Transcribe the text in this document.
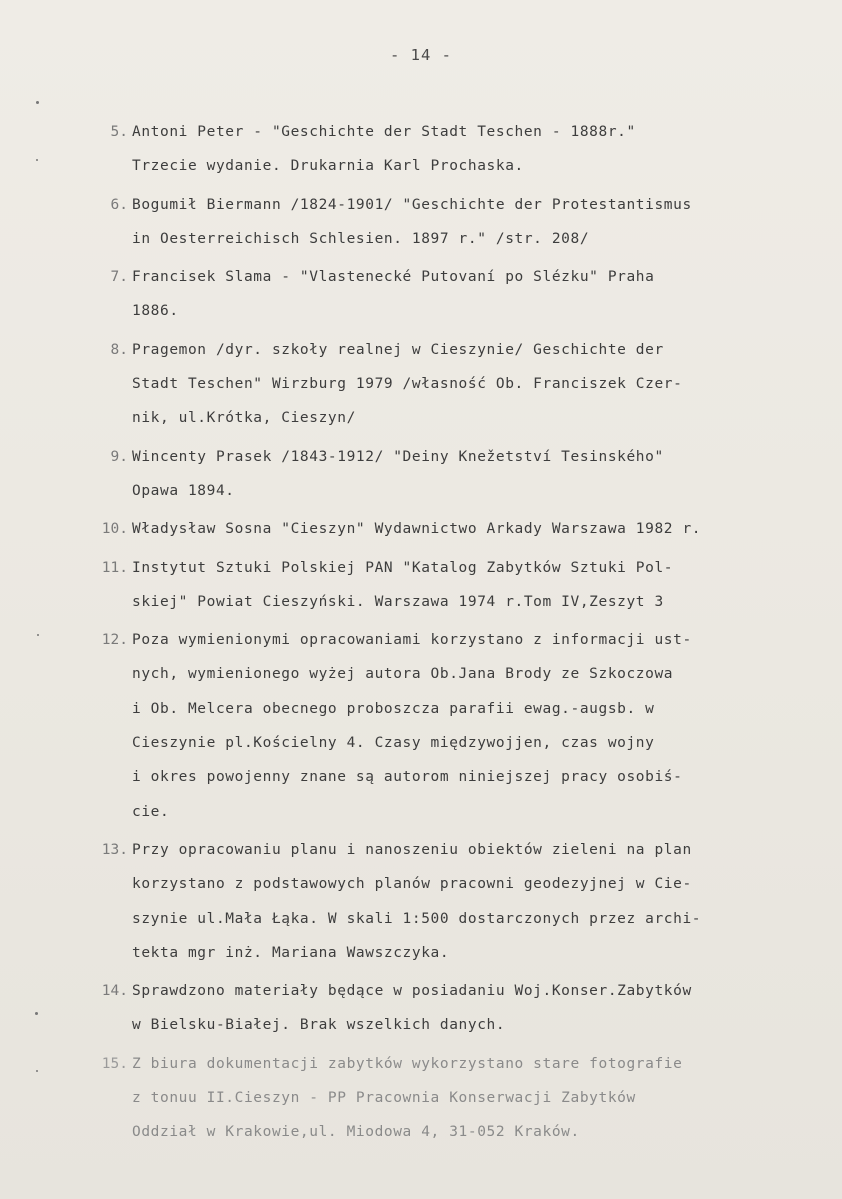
- 14 -
5. Antoni Peter - "Geschichte der Stadt Teschen - 1888r."
Trzecie wydanie. Drukarnia Karl Prochaska.
6. Bogumił Biermann /1824-1901/ "Geschichte der Protestantismus
in Oesterreichisch Schlesien. 1897 r." /str. 208/
7. Francisek Slama - "Vlastenecké Putovaní po Slézku" Praha
1886.
8. Pragemon /dyr. szkoły realnej w Cieszynie/ Geschichte der
Stadt Teschen" Wirzburg 1979 /własność Ob. Franciszek Czer-
nik, ul.Krótka, Cieszyn/
9. Wincenty Prasek /1843-1912/ "Deiny Knežetství Tesinského"
Opawa 1894.
10. Władysław Sosna "Cieszyn" Wydawnictwo Arkady Warszawa 1982 r.
11. Instytut Sztuki Polskiej PAN "Katalog Zabytków Sztuki Pol-
skiej" Powiat Cieszyński. Warszawa 1974 r.Tom IV,Zeszyt 3
12. Poza wymienionymi opracowaniami korzystano z informacji ust-
nych, wymienionego wyżej autora Ob.Jana Brody ze Szkoczowa
i Ob. Melcera obecnego proboszcza parafii ewag.-augsb. w
Cieszynie pl.Kościelny 4. Czasy międzywojjen, czas wojny
i okres powojenny znane są autorom niniejszej pracy osobiś-
cie.
13. Przy opracowaniu planu i nanoszeniu obiektów zieleni na plan
korzystano z podstawowych planów pracowni geodezyjnej w Cie-
szynie ul.Mała Łąka. W skali 1:500 dostarczonych przez archi-
tekta mgr inż. Mariana Wawszczyka.
14. Sprawdzono materiały będące w posiadaniu Woj.Konser.Zabytków
w Bielsku-Białej. Brak wszelkich danych.
15. Z biura dokumentacji zabytków wykorzystano stare fotografie
z tonuu II.Cieszyn - PP Pracownia Konserwacji Zabytków
Oddział w Krakowie,ul. Miodowa 4, 31-052 Kraków.
